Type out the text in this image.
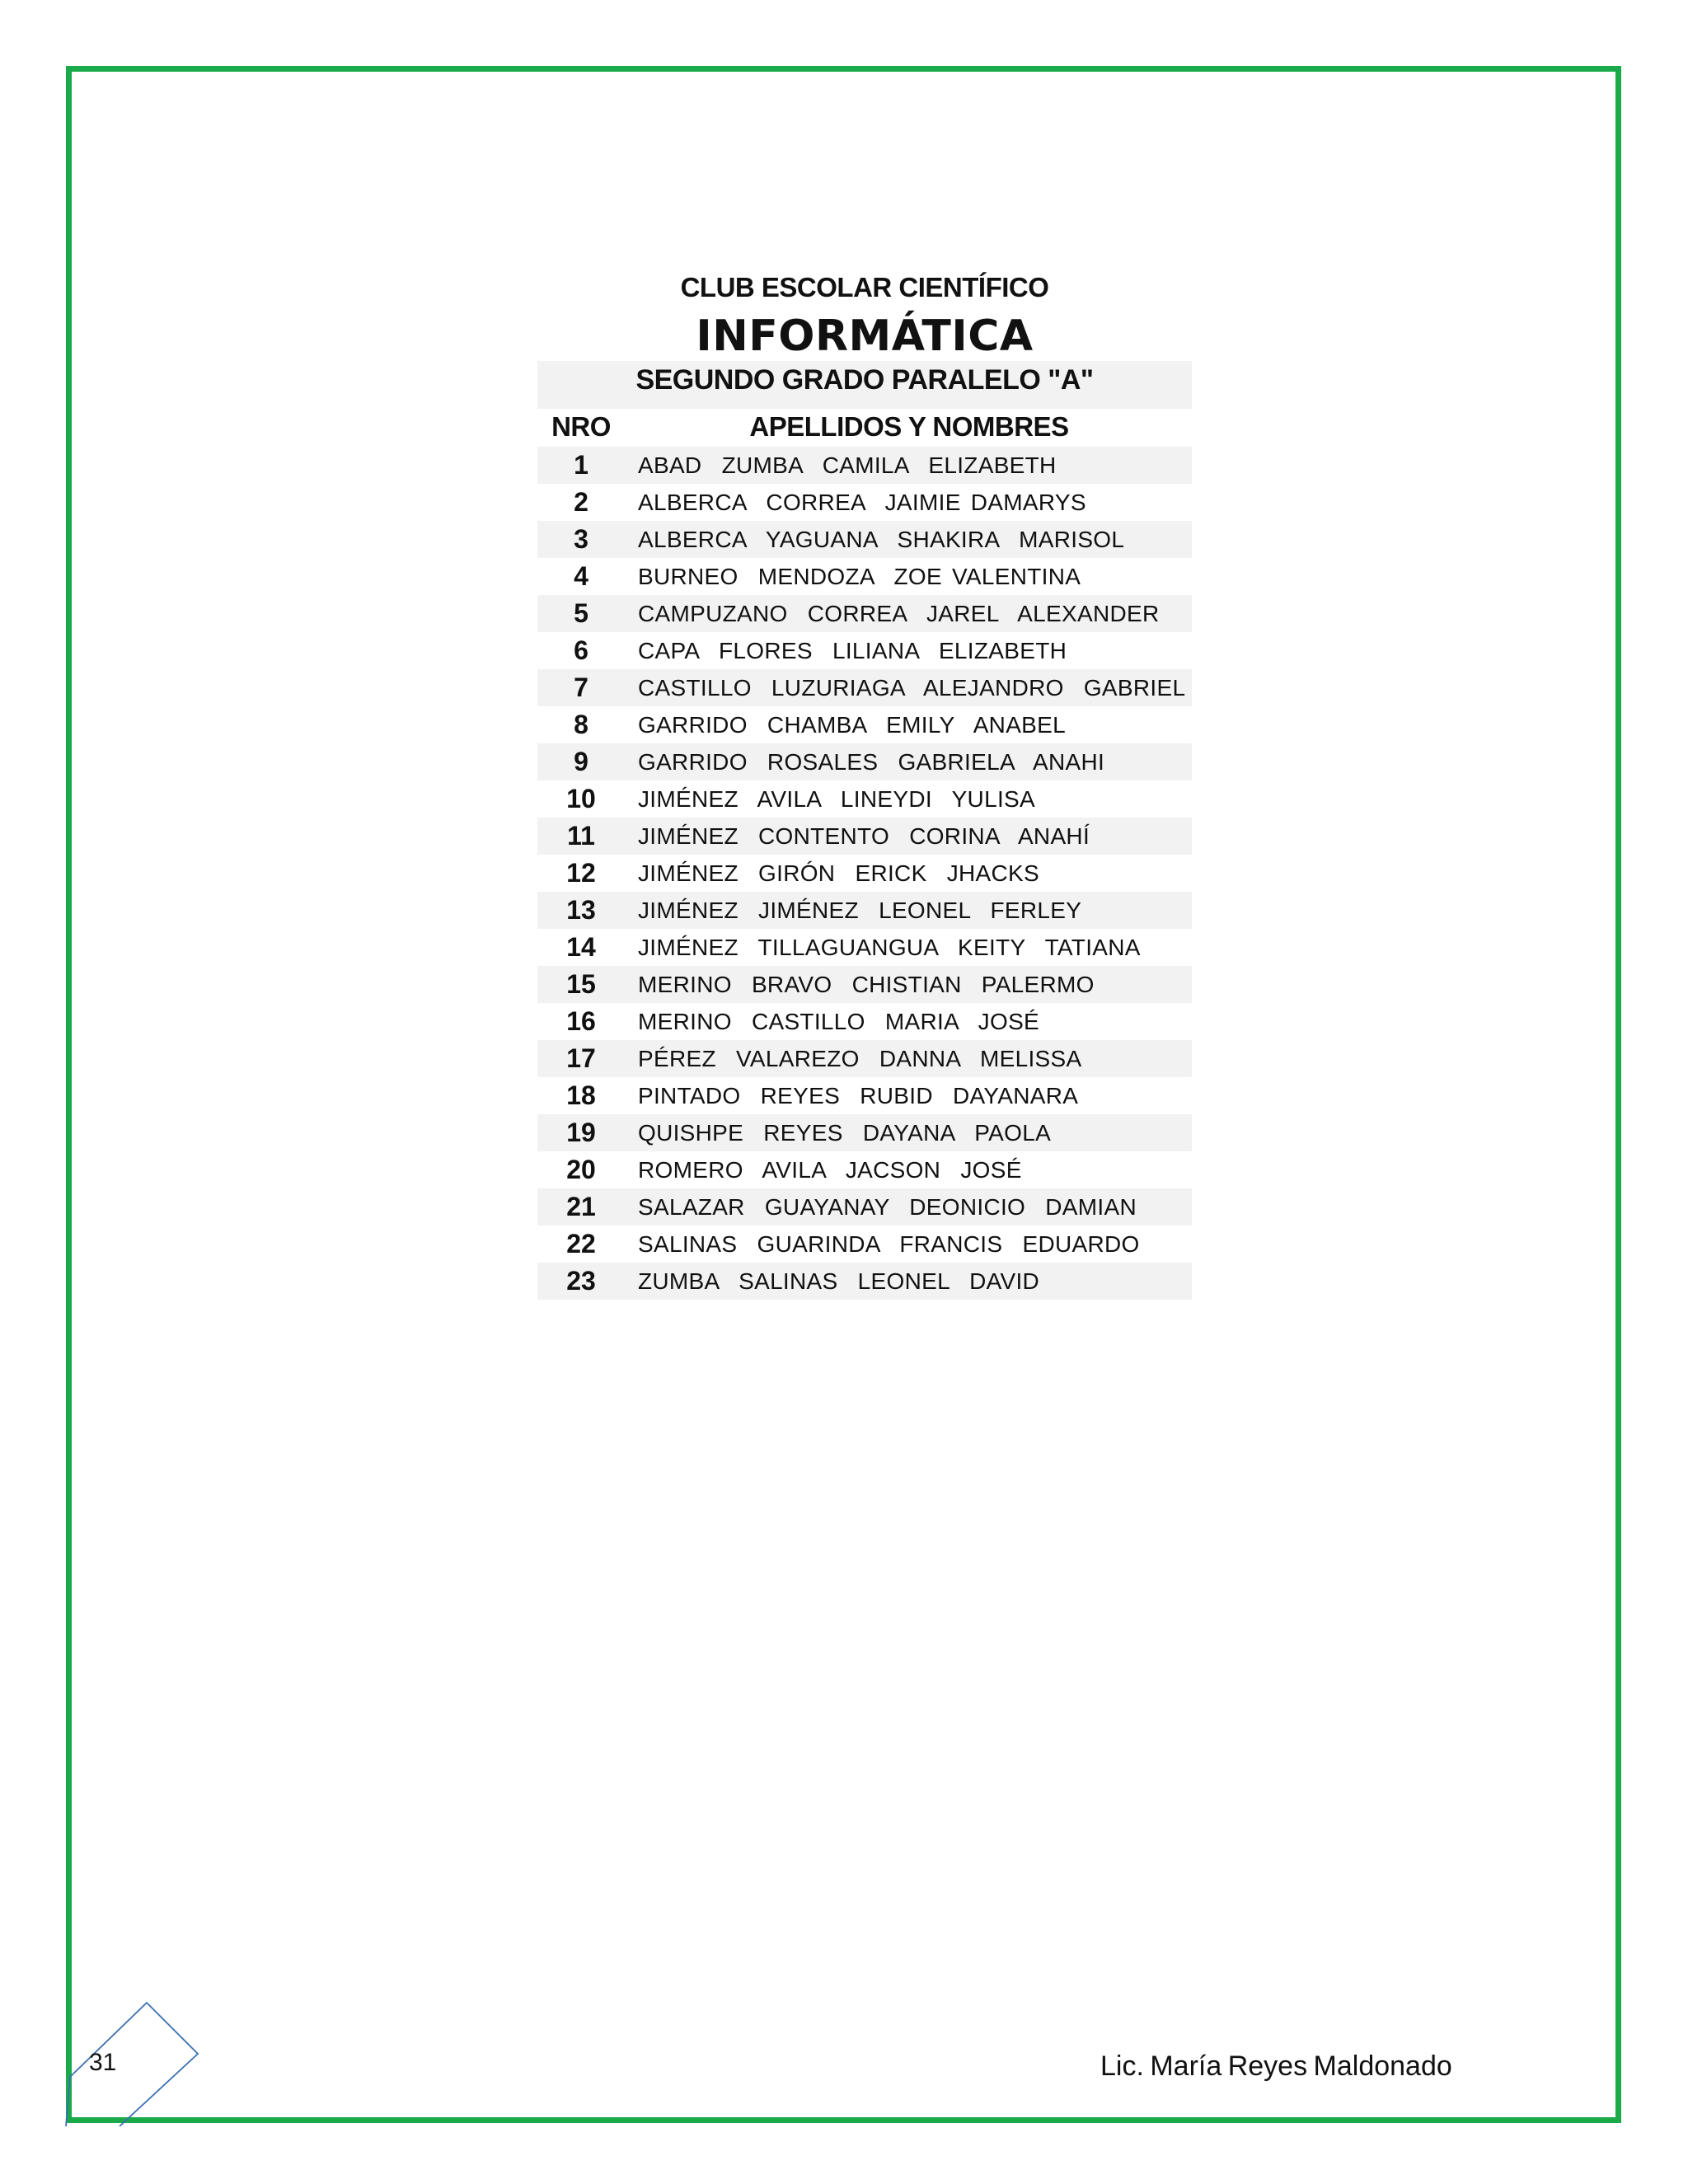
CLUB ESCOLAR CIENTÍFICO
INFORMÁTICA
SEGUNDO GRADO PARALELO "A"
NRO	APELLIDOS Y NOMBRES
1	ABAD  ZUMBA  CAMILA  ELIZABETH
2	ALBERCA  CORREA  JAIMIE DAMARYS
3	ALBERCA  YAGUANA  SHAKIRA  MARISOL
4	BURNEO  MENDOZA  ZOE VALENTINA
5	CAMPUZANO  CORREA  JAREL  ALEXANDER
6	CAPA  FLORES  LILIANA  ELIZABETH
7	CASTILLO  LUZURIAGA  ALEJANDRO  GABRIEL
8	GARRIDO  CHAMBA  EMILY  ANABEL
9	GARRIDO  ROSALES  GABRIELA  ANAHI
10	JIMÉNEZ  AVILA  LINEYDI  YULISA
11	JIMÉNEZ  CONTENTO  CORINA  ANAHÍ
12	JIMÉNEZ  GIRÓN  ERICK  JHACKS
13	JIMÉNEZ  JIMÉNEZ  LEONEL  FERLEY
14	JIMÉNEZ  TILLAGUANGUA  KEITY  TATIANA
15	MERINO  BRAVO  CHISTIAN  PALERMO
16	MERINO  CASTILLO  MARIA  JOSÉ
17	PÉREZ  VALAREZO  DANNA  MELISSA
18	PINTADO  REYES  RUBID  DAYANARA
19	QUISHPE  REYES  DAYANA  PAOLA
20	ROMERO  AVILA  JACSON  JOSÉ
21	SALAZAR  GUAYANAY  DEONICIO  DAMIAN
22	SALINAS  GUARINDA  FRANCIS  EDUARDO
23	ZUMBA  SALINAS  LEONEL  DAVID
31	Lic. María Reyes Maldonado
